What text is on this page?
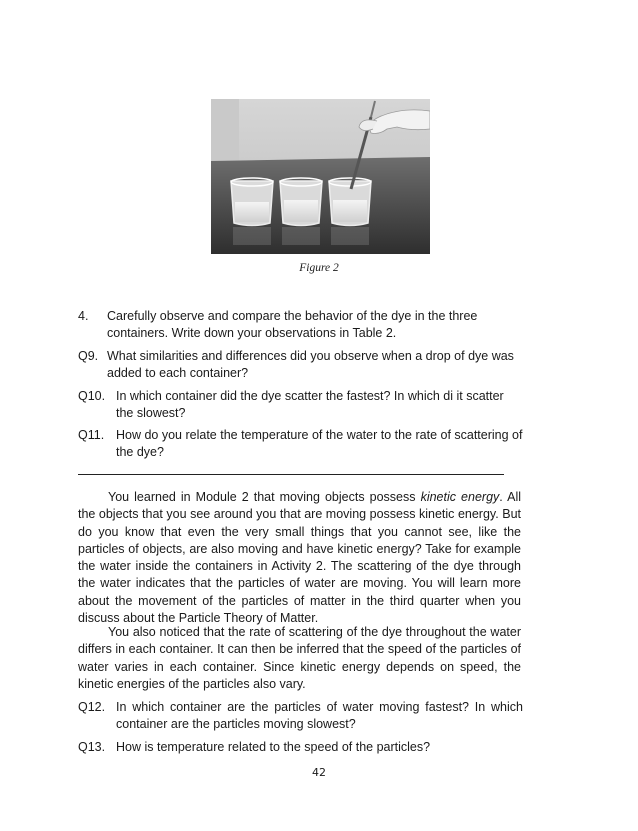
Figure 2
4. Carefully observe and compare the behavior of the dye in the three containers. Write down your observations in Table 2.
Q9. What similarities and differences did you observe when a drop of dye was added to each container?
Q10. In which container did the dye scatter the fastest? In which di it scatter the slowest?
Q11. How do you relate the temperature of the water to the rate of scattering of the dye?

You learned in Module 2 that moving objects possess kinetic energy. All the objects that you see around you that are moving possess kinetic energy. But do you know that even the very small things that you cannot see, like the particles of objects, are also moving and have kinetic energy? Take for example the water inside the containers in Activity 2. The scattering of the dye through the water indicates that the particles of water are moving. You will learn more about the movement of the particles of matter in the third quarter when you discuss about the Particle Theory of Matter.

You also noticed that the rate of scattering of the dye throughout the water differs in each container. It can then be inferred that the speed of the particles of water varies in each container. Since kinetic energy depends on speed, the kinetic energies of the particles also vary.

Q12. In which container are the particles of water moving fastest? In which container are the particles moving slowest?
Q13. How is temperature related to the speed of the particles?
42
